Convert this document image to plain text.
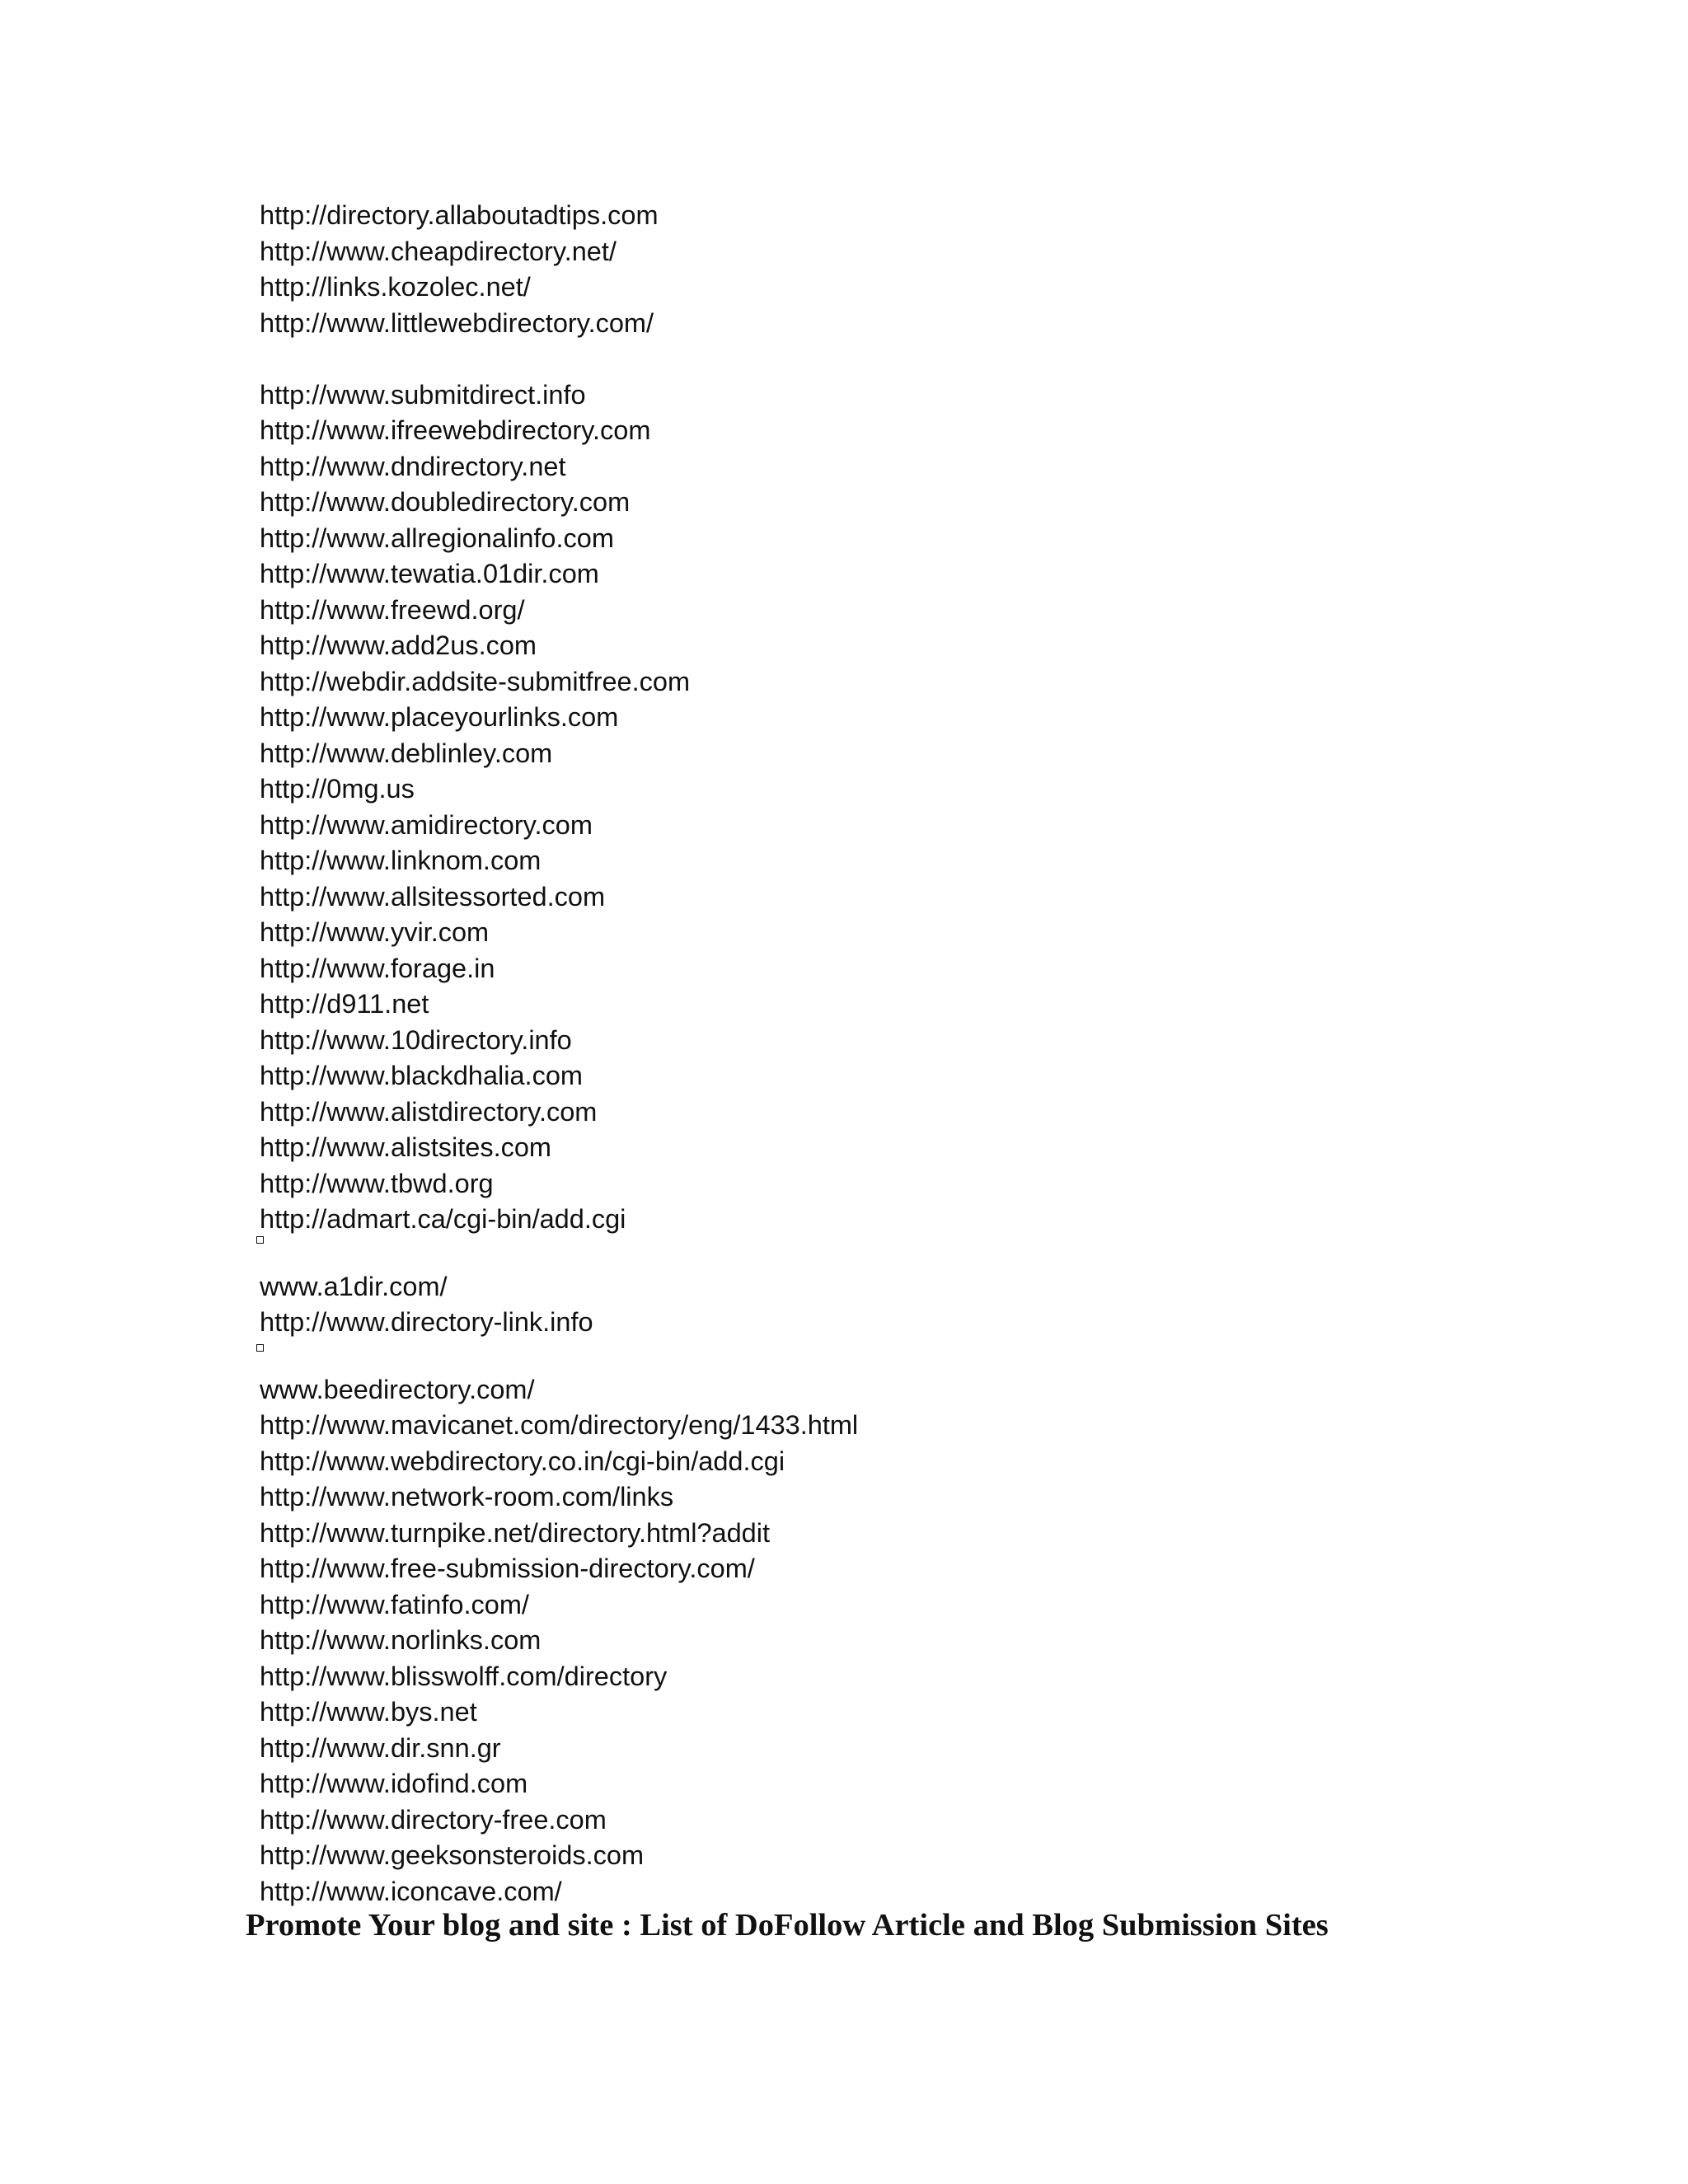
http://directory.allaboutadtips.com
http://www.cheapdirectory.net/
http://links.kozolec.net/
http://www.littlewebdirectory.com/
http://www.submitdirect.info
http://www.ifreewebdirectory.com
http://www.dndirectory.net
http://www.doubledirectory.com
http://www.allregionalinfo.com
http://www.tewatia.01dir.com
http://www.freewd.org/
http://www.add2us.com
http://webdir.addsite-submitfree.com
http://www.placeyourlinks.com
http://www.deblinley.com
http://0mg.us
http://www.amidirectory.com
http://www.linknom.com
http://www.allsitessorted.com
http://www.yvir.com
http://www.forage.in
http://d911.net
http://www.10directory.info
http://www.blackdhalia.com
http://www.alistdirectory.com
http://www.alistsites.com
http://www.tbwd.org
http://admart.ca/cgi-bin/add.cgi
www.a1dir.com/
http://www.directory-link.info
www.beedirectory.com/
http://www.mavicanet.com/directory/eng/1433.html
http://www.webdirectory.co.in/cgi-bin/add.cgi
http://www.network-room.com/links
http://www.turnpike.net/directory.html?addit
http://www.free-submission-directory.com/
http://www.fatinfo.com/
http://www.norlinks.com
http://www.blisswolff.com/directory
http://www.bys.net
http://www.dir.snn.gr
http://www.idofind.com
http://www.directory-free.com
http://www.geeksonsteroids.com
http://www.iconcave.com/
Promote Your blog and site : List of DoFollow Article and Blog Submission Sites
